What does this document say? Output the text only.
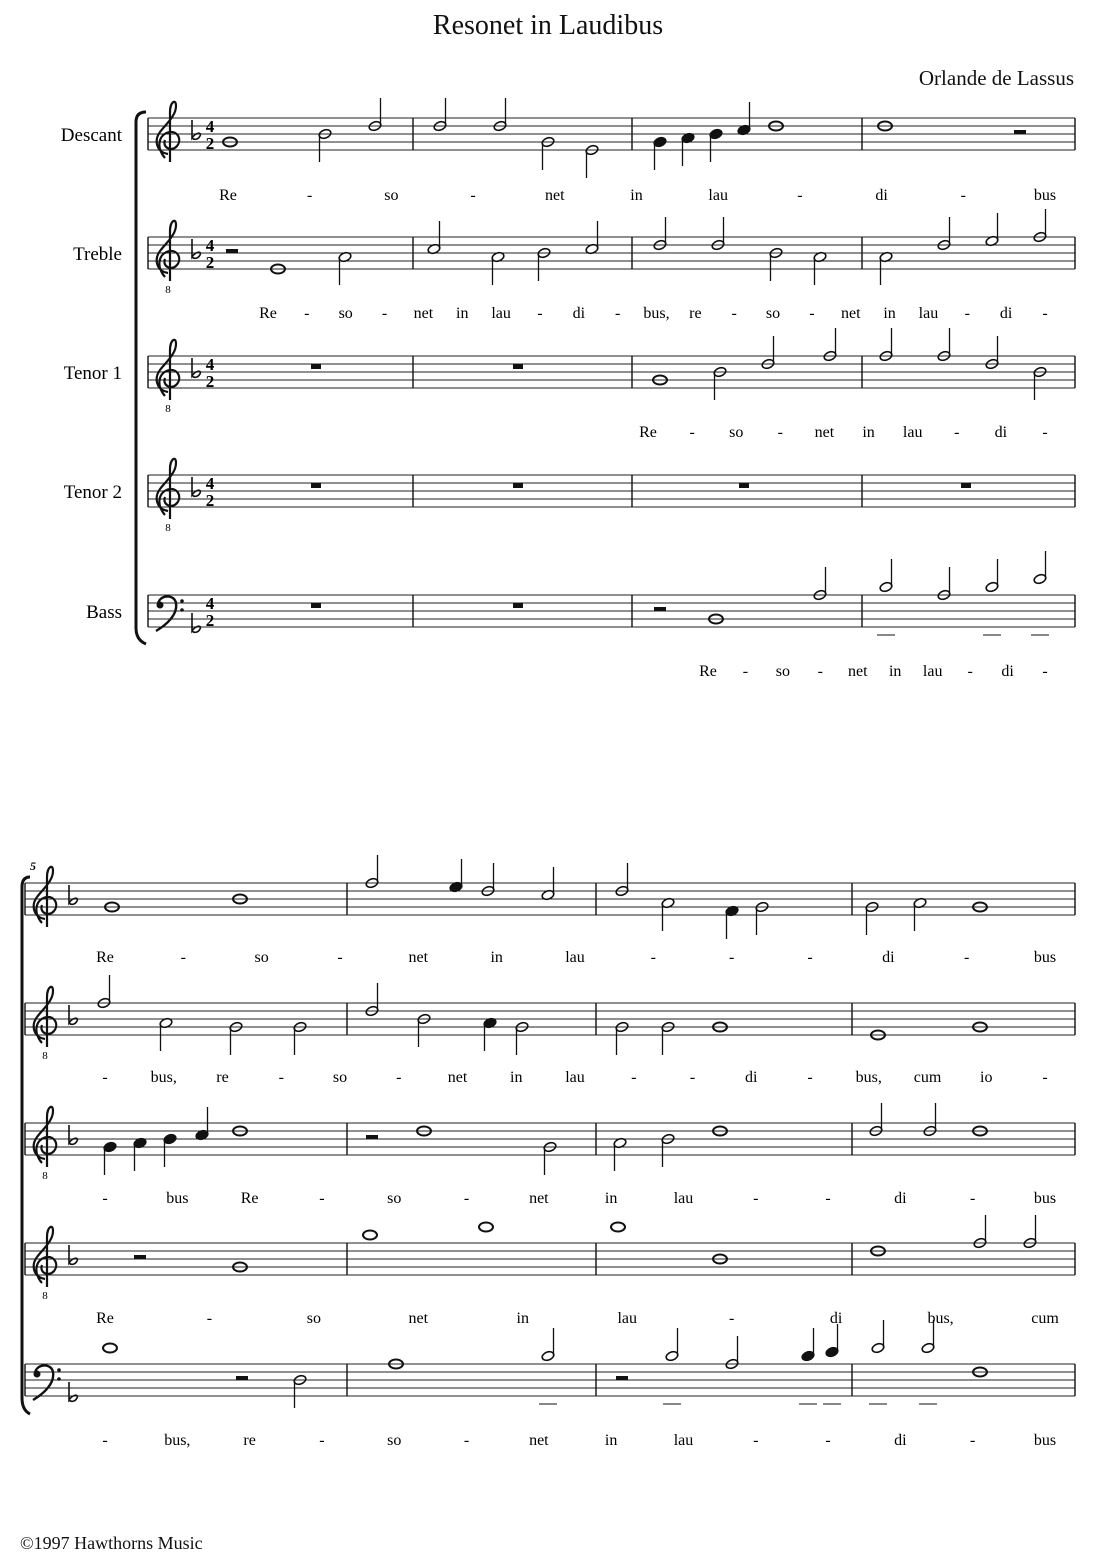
Resonet in Laudibus
Orlande de Lassus
©1997 Hawthorns Music
4
2
8
4
2
8
4
2
8
4
2
4
2
8
8
8
Descant
Treble
Tenor 1
Tenor 2
Bass
5
Re	-	so	-	net	in	lau	-	di	-	bus
Re - so - net in lau - di - bus, re - so - net in lau - di -
Re - so - net in lau - di -
Re - so - net in lau - di -
Re	-	so	-	net	in	lau	-	-	-	di	-	bus
-	bus, re	-	so	-	net	in	lau	-	-	di	-	bus, cum io	-
-	bus	Re	-	so	-	net	in	lau	-	-	di	-	bus
Re	-	so	net	in	lau	-	di	bus,	cum
-	bus,	re	-	so	-	net	in	lau	-	-	di	-	bus
